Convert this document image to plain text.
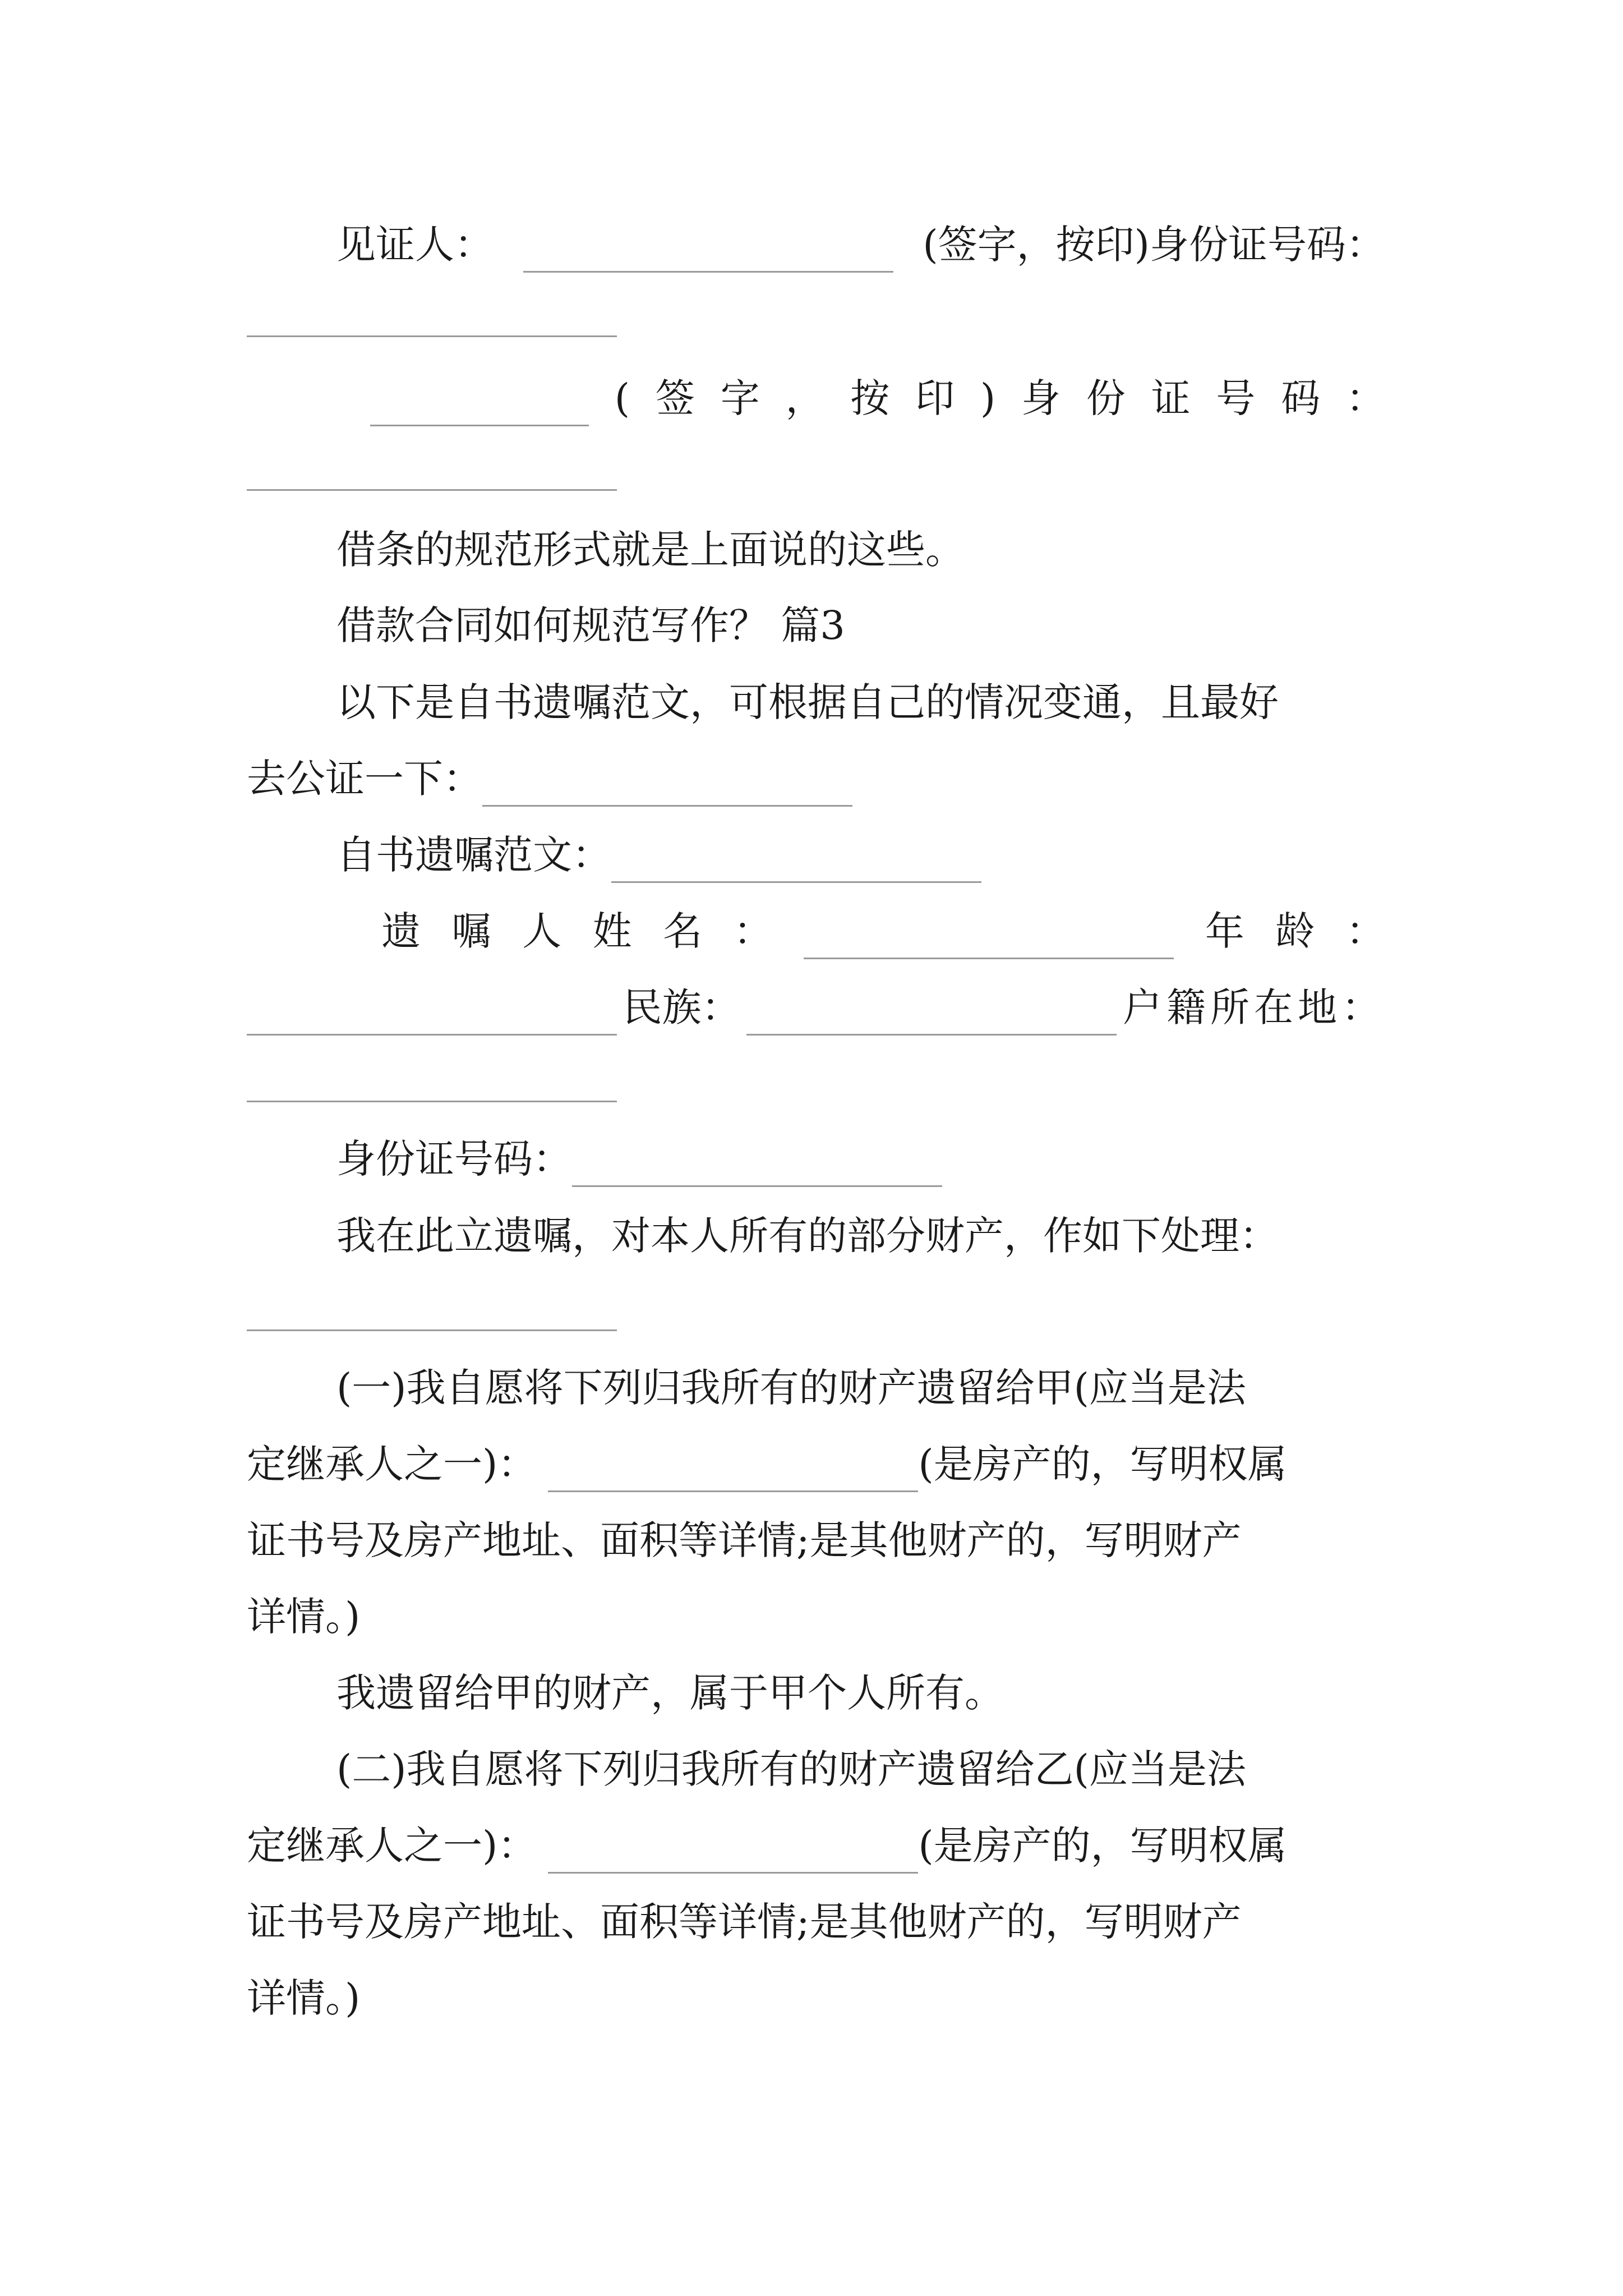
见证人：	(签字，按印)身份证号码：
( 签 字 ， 按 印 ) 身 份 证 号 码 ：
借条的规范形式就是上面说的这些。
借款合同如何规范写作？ 篇3
以下是自书遗嘱范文，可根据自己的情况变通，且最好
去公证一下：
自书遗嘱范文：
遗 嘱 人 姓 名 ：	年 龄 ：
民族：	户籍所在地：
身份证号码：
我在此立遗嘱，对本人所有的部分财产，作如下处理：
(一)我自愿将下列归我所有的财产遗留给甲(应当是法
定继承人之一)：	(是房产的，写明权属
证书号及房产地址、面积等详情;是其他财产的，写明财产
详情。)
我遗留给甲的财产，属于甲个人所有。
(二)我自愿将下列归我所有的财产遗留给乙(应当是法
定继承人之一)：	(是房产的，写明权属
证书号及房产地址、面积等详情;是其他财产的，写明财产
详情。)
